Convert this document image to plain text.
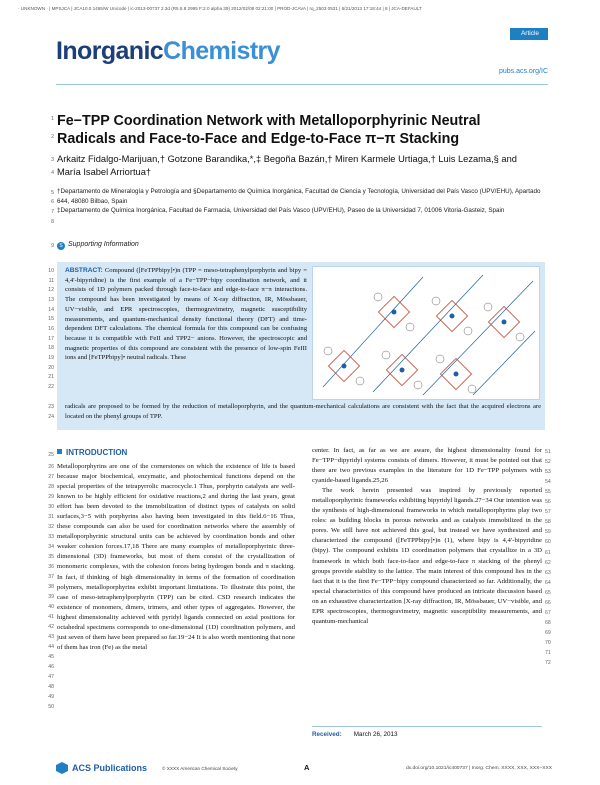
· UNKNOWN · | MPSJCA | JCA10.0.1465/W Unicode | ic-2013-00737 2.3d (R5.5.8 2995 F:2.0 alpha 39) 2012/02/08 02:21:00 | PROD-JCAVA | rq_2503 0531 | 6/21/2013 17:18:44 | 8 | JCA-DEFAULT
InorganicChemistry
Article
pubs.acs.org/IC
1
2
3
4
5
6
7
8
9
10
11
12
13
14
15
16
17
18
19
20
21
22
23
24
25
26
27
28
29
30
31
32
33
34
35
36
37
38
39
40
41
42
43
44
45
46
47
48
49
50
51
52
53
54
55
56
57
58
59
60
61
62
63
64
65
66
67
68
69
70
71
72
Fe−TPP Coordination Network with Metalloporphyrinic Neutral Radicals and Face-to-Face and Edge-to-Face π−π Stacking
Arkaitz Fidalgo-Marijuan,† Gotzone Barandika,*,‡ Begoña Bazán,† Miren Karmele Urtiaga,† Luis Lezama,§ and María Isabel Arriortua†
†Departamento de Mineralogía y Petrología and §Departamento de Química Inorgánica, Facultad de Ciencia y Tecnología, Universidad del País Vasco (UPV/EHU), Apartado 644, 48080 Bilbao, Spain
‡Departamento de Química Inorgánica, Facultad de Farmacia, Universidad del País Vasco (UPV/EHU), Paseo de la Universidad 7, 01006 Vitoria-Gasteiz, Spain
S Supporting Information
ABSTRACT: Compound ([FeTPPbipy]•)n (TPP = meso-tetraphenylporphyrin and bipy = 4,4′-bipyridine) is the first example of a Fe−TPP−bipy coordination network, and it consists of 1D polymers packed through face-to-face and edge-to-face π−π interactions. The compound has been investigated by means of X-ray diffraction, IR, Mössbauer, UV−visible, and EPR spectroscopies, thermogravimetry, magnetic susceptibility measurements, and quantum-mechanical density functional theory (DFT) and time-dependent DFT calculations. The chemical formula for this compound can be confusing because it is compatible with FeII and TPP2− anions. However, the spectroscopic and magnetic properties of this compound are consistent with the presence of low-spin FeIII ions and [FeTPPbipy]• neutral radicals. These
radicals are proposed to be formed by the reduction of metalloporphyrin, and the quantum-mechanical calculations are consistent with the fact that the acquired electrons are located on the phenyl groups of TPP.
INTRODUCTION
Metalloporphyrins are one of the cornerstones on which the existence of life is based because major biochemical, enzymatic, and photochemical functions depend on the special properties of the tetrapyrrolic macrocycle.1 Thus, porphyrin catalysts are well-known to be highly efficient for oxidative reactions,2 and during the last years, great effort has been devoted to the immobilization of distinct types of catalysts on solid surfaces,3−5 with porphyrins also having been investigated in this field.6−16 Thus, these compounds can also be used for coordination networks where the assembly of metalloporphyrinic structural units can be achieved by coordination bonds and other weaker cohesion forces.17,18 There are many examples of metalloporphyrinic three-dimensional (3D) frameworks, but most of them consist of the crystallization of monomeric complexes, with the cohesion forces being hydrogen bonds and π stacking. In fact, if thinking of high dimensionality in terms of the formation of coordination polymers, metalloporphyrins exhibit important limitations. To illustrate this point, the case of meso-tetraphenylporphyrin (TPP) can be cited. CSD research indicates the existence of monomers, dimers, trimers, and other types of aggregates. However, the highest dimensionality achieved with pyridyl ligands connected on axial positions for octahedral specimens corresponds to one-dimensional (1D) coordination polymers, and just seven of them have been prepared so far.19−24 It is also worth mentioning that none of them has iron (Fe) as the metal

center. In fact, as far as we are aware, the highest dimensionality found for Fe−TPP−dipyridyl systems consists of dimers. However, it must be pointed out that there are two previous examples in the literature for 1D Fe−TPP polymers with cyanide-based ligands.25,26

The work herein presented was inspired by previously reported metalloporphyrinic frameworks exhibiting bipyridyl ligands.27−34 Our intention was the synthesis of high-dimensional frameworks in which metalloporphyrins play two roles: as building blocks in porous networks and as catalysts immobilized in the pores. We still have not achieved this goal, but instead we have synthesized and characterized the compound ([FeTPPbipy]•)n (1), where bipy is 4,4′-bipyridine (bipy). The compound exhibits 1D coordination polymers that crystallize in a 3D framework in which both face-to-face and edge-to-face π stacking of the phenyl groups provide stability to the lattice. The main interest of this compound lies in the fact that it is the first Fe−TPP−bipy compound characterized so far. Additionally, the special characteristics of this compound have produced an intricate discussion based on an exhaustive characterization [X-ray diffraction, IR, Mössbauer, UV−visible, and EPR spectroscopies, thermogravimetry, magnetic susceptibility measurements, and quantum-mechanical

Received: March 26, 2013
ACS Publications	© XXXX American Chemical Society	A	dx.doi.org/10.1021/ic400737 | Inorg. Chem. XXXX, XXX, XXX−XXX
